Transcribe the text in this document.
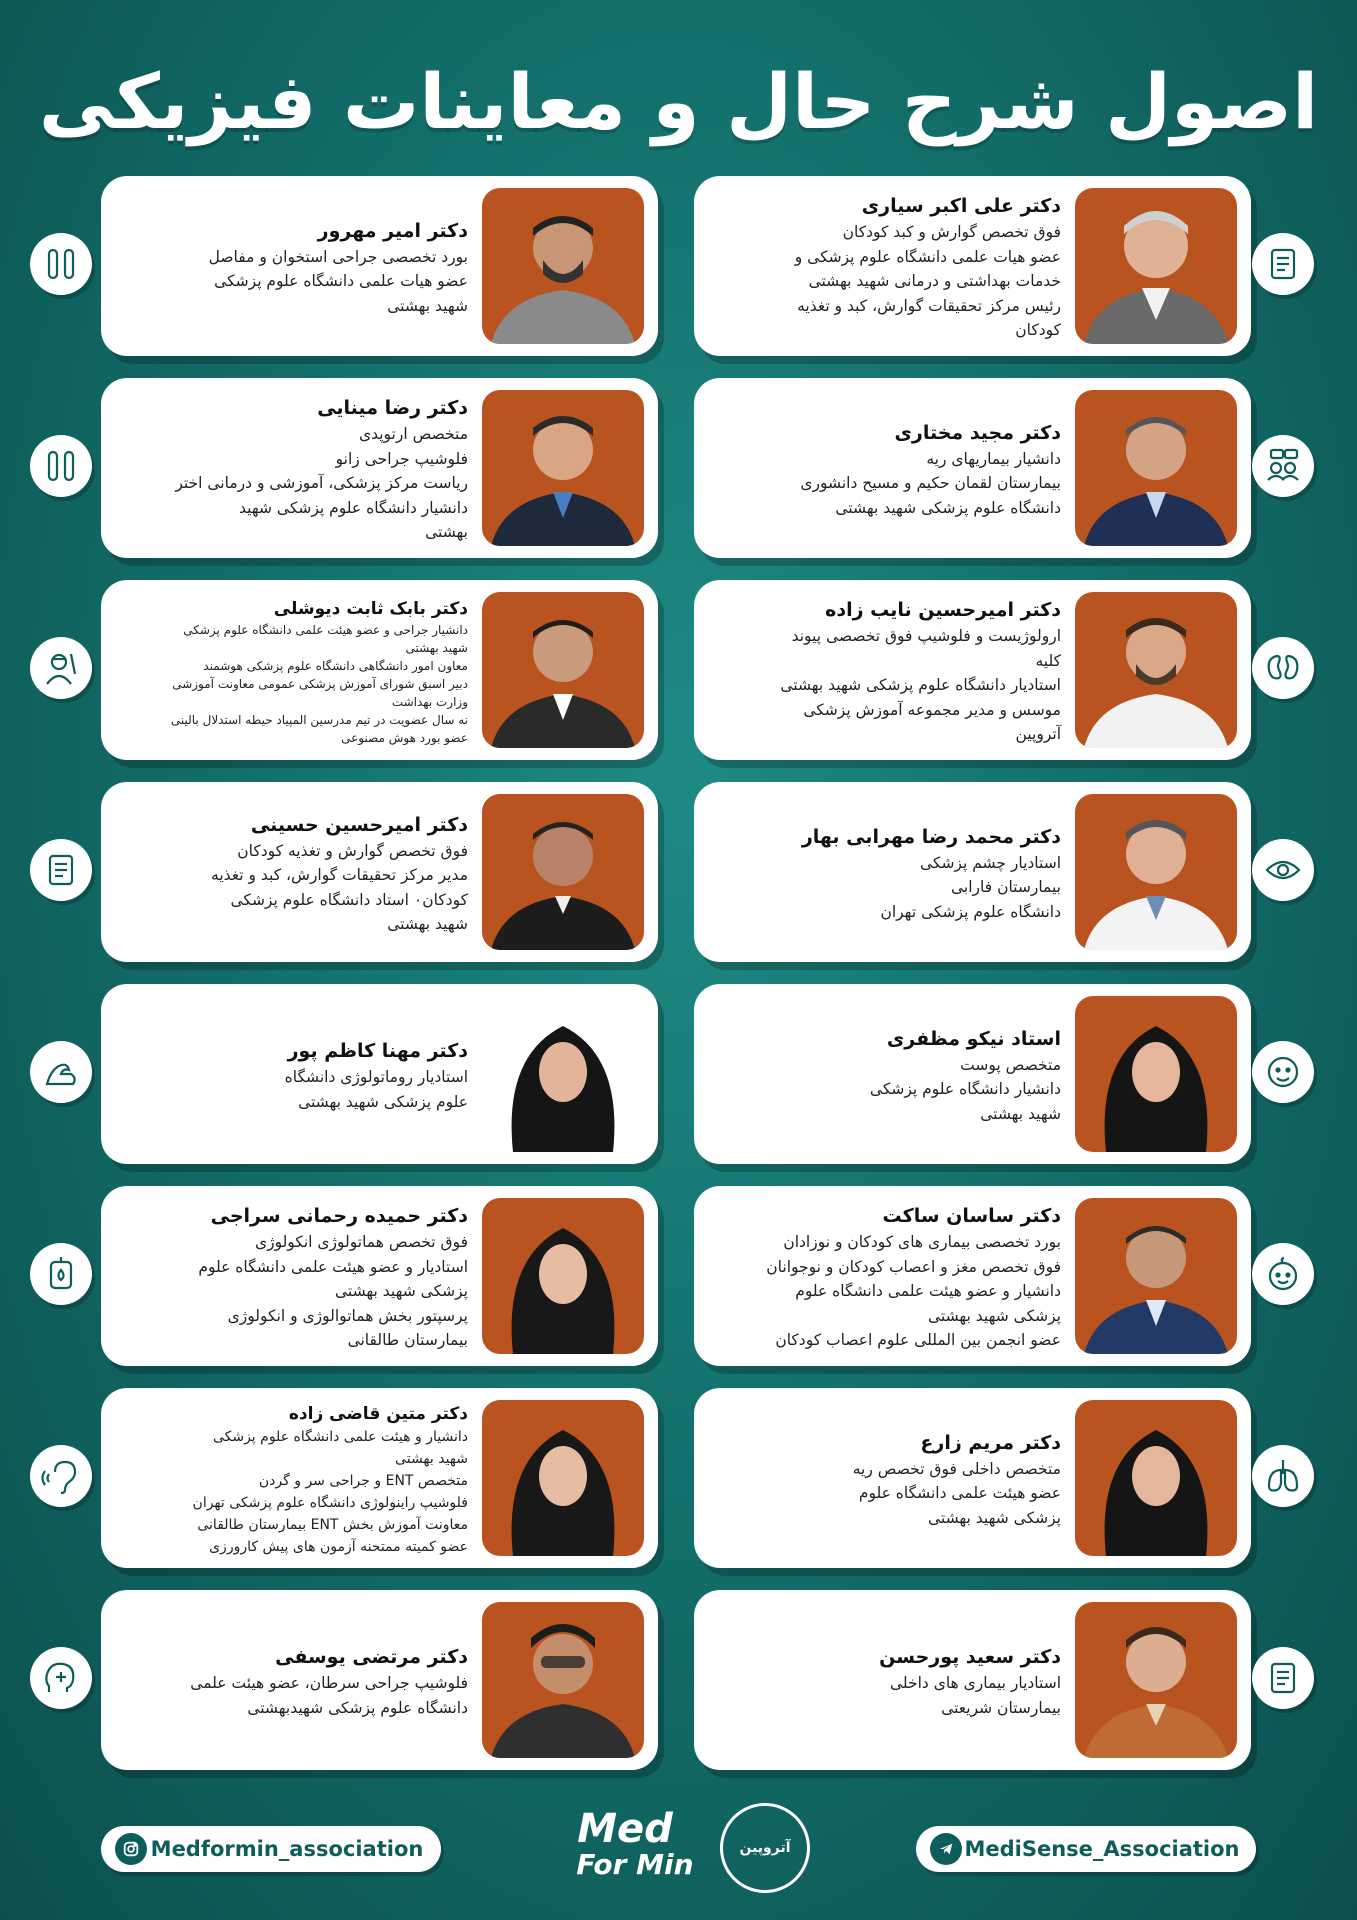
اصول شرح حال و معاینات فیزیکی
دکتر علی اکبر سیاری
فوق تخصص گوارش و کبد کودکان
عضو هیات علمی دانشگاه علوم پزشکی و
خدمات بهداشتی و درمانی شهید بهشتی
رئیس مرکز تحقیقات گوارش، کبد و تغذیه
کودکان
دکتر امیر مهرور
بورد تخصصی جراحی استخوان و مفاصل
عضو هیات علمی دانشگاه علوم پزشکی
شهید بهشتی
دکتر مجید مختاری
دانشیار بیماریهای ریه
بیمارستان لقمان حکیم و مسیح دانشوری
دانشگاه علوم پزشکی شهید بهشتی
دکتر رضا مینایی
متخصص ارتوپدی
فلوشیپ جراحی زانو
ریاست مرکز پزشکی، آموزشی و درمانی اختر
دانشیار دانشگاه علوم پزشکی شهید
بهشتی
دکتر امیرحسین نایب زاده
ارولوژیست و فلوشیپ فوق تخصصی پیوند
کلیه
استادیار دانشگاه علوم پزشکی شهید بهشتی
موسس و مدیر مجموعه آموزش پزشکی
آتروپین
دکتر بابک ثابت دیوشلی
دانشیار جراحی و عضو هیئت علمی دانشگاه علوم پزشکی
شهید بهشتی
معاون امور دانشگاهی دانشگاه علوم پزشکی هوشمند
دبیر اسبق شورای آموزش پزشکی عمومی معاونت آموزشی
وزارت بهداشت
نه سال عضویت در تیم مدرسین المپیاد حیطه استدلال بالینی
عضو بورد هوش مصنوعی
دکتر محمد رضا مهرابی بهار
استادیار چشم پزشکی
بیمارستان فارابی
دانشگاه علوم پزشکی تهران
دکتر امیرحسین حسینی
فوق تخصص گوارش و تغذیه کودکان
مدیر مرکز تحقیقات گوارش، کبد و تغذیه
کودکان۰ استاد دانشگاه علوم پزشکی
شهید بهشتی
استاد نیکو مظفری
متخصص پوست
دانشیار دانشگاه علوم پزشکی
شهید بهشتی
دکتر مهنا کاظم پور
استادیار روماتولوژی دانشگاه
علوم پزشکی شهید بهشتی
دکتر ساسان ساکت
بورد تخصصی بیماری های کودکان و نوزادان
فوق تخصص مغز و اعصاب کودکان و نوجوانان
دانشیار و عضو هیئت علمی دانشگاه علوم
پزشکی شهید بهشتی
عضو انجمن بین المللی علوم اعصاب کودکان
دکتر حمیده رحمانی سراجی
فوق تخصص هماتولوژی انکولوژی
استادیار و عضو هیئت علمی دانشگاه علوم
پزشکی شهید بهشتی
پرسپتور بخش هماتوالوژی و انکولوژی
بیمارستان طالقانی
دکتر مریم زارع
متخصص داخلی فوق تخصص ریه
عضو هیئت علمی دانشگاه علوم
پزشکی شهید بهشتی
دکتر متین قاضی زاده
دانشیار و هیئت علمی دانشگاه علوم پزشکی
شهید بهشتی
متخصص ENT و جراحی سر و گردن
فلوشیپ راینولوژی دانشگاه علوم پزشکی تهران
معاونت آموزش بخش ENT بیمارستان طالقانی
عضو کمیته ممتحنه آزمون های پیش کارورزی
دکتر سعید پورحسن
استادیار بیماری های داخلی
بیمارستان شریعتی
دکتر مرتضی یوسفی
فلوشیپ جراحی سرطان، عضو هیئت علمی
دانشگاه علوم پزشکی شهیدبهشتی
Medformin_association	Med
For Min	آتروپین	MediSense_Association
